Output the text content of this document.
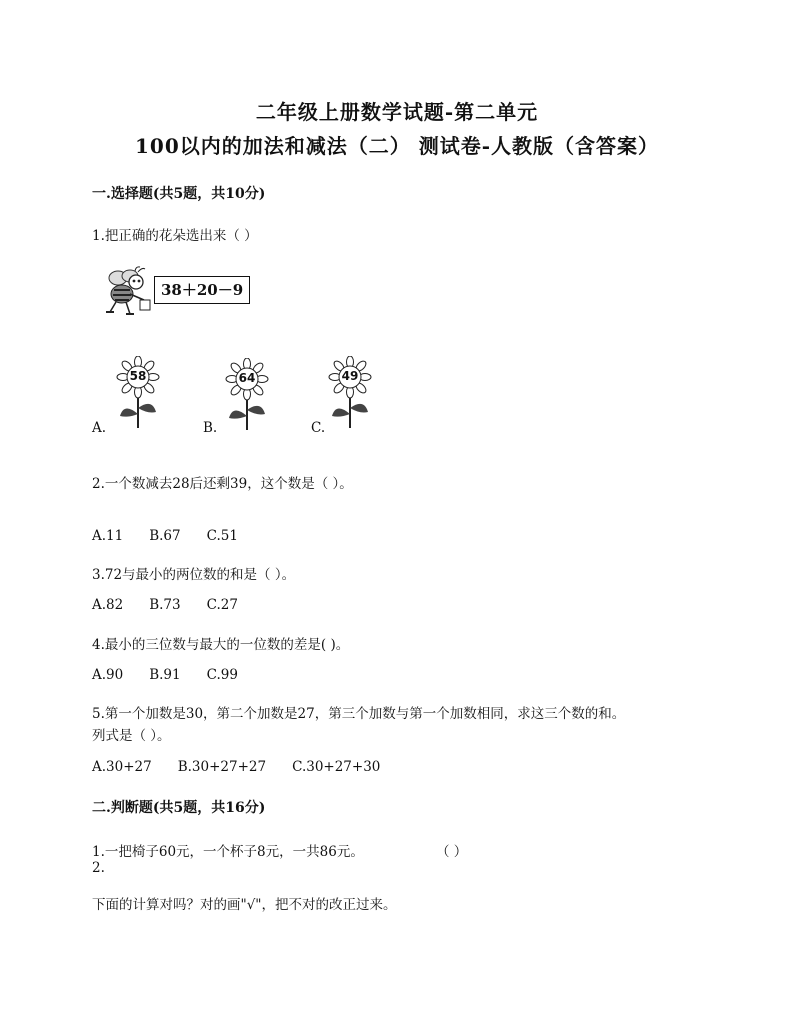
二年级上册数学试题-第二单元
100以内的加法和减法（二） 测试卷-人教版（含答案）
一.选择题(共5题，共10分)
1.把正确的花朵选出来（ ）
38＋20－9
58
A.
64
B.
49
C.
2.一个数减去28后还剩39，这个数是（ ）。
A.11 B.67 C.51
3.72与最小的两位数的和是（ ）。
A.82 B.73 C.27
4.最小的三位数与最大的一位数的差是( )。
A.90 B.91 C.99
5.第一个加数是30，第二个加数是27，第三个加数与第一个加数相同，求这三个数的和。
列式是（ ）。
A.30+27 B.30+27+27 C.30+27+30
二.判断题(共5题，共16分)
1.一把椅子60元，一个杯子8元，一共86元。	（ ）
2.
下面的计算对吗？对的画"√"，把不对的改正过来。
